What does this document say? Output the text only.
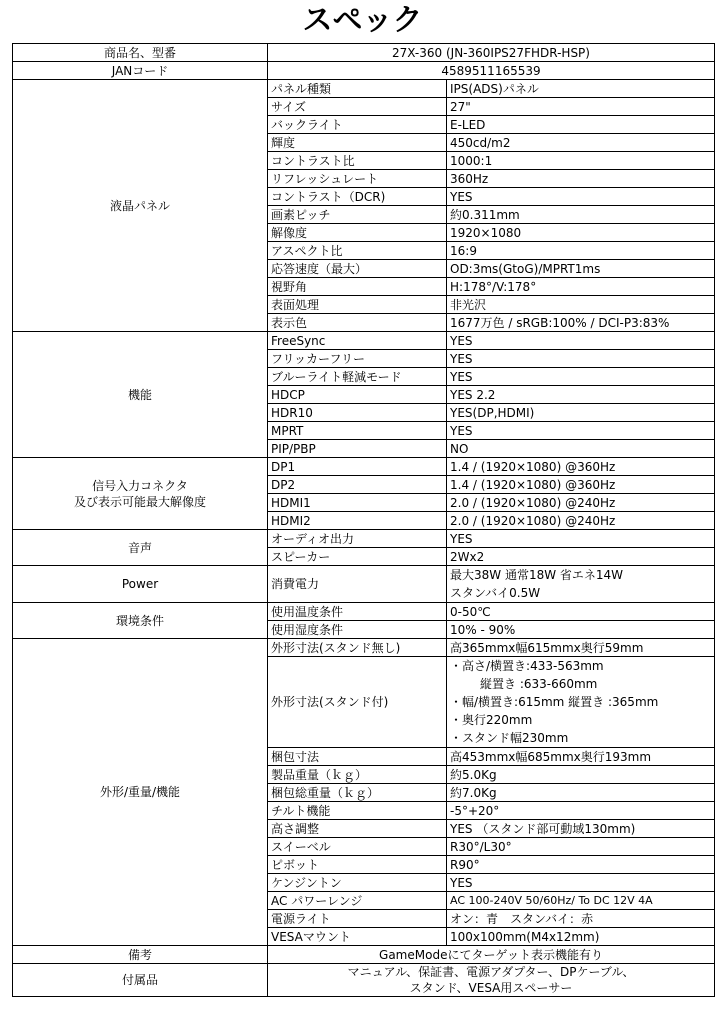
スペック
商品名、型番	27X-360 (JN-360IPS27FHDR-HSP)	
JANコード	4589511165539	

液晶パネル	パネル種類	IPS(ADS)パネル

	サイズ	27"

	バックライト	E-LED

	輝度	450cd/m2

	コントラスト比	1000:1

	リフレッシュレート	360Hz

	コントラスト（DCR)	YES

	画素ピッチ	約0.311mm

	解像度	1920×1080

	アスペクト比	16:9

	応答速度（最大）	OD:3ms(GtoG)/MPRT1ms

	視野角	H:178°/V:178°

	表面処理	非光沢

	表示色	1677万色 / sRGB:100% / DCI-P3:83%

機能	FreeSync	YES

	フリッカーフリー	YES

	ブルーライト軽減モード	YES

	HDCP	YES 2.2

	HDR10	YES(DP,HDMI)

	MPRT	YES

	PIP/PBP	NO

信号入力コネクタ
及び表示可能最大解像度	DP1	1.4 / (1920×1080) @360Hz

	DP2	1.4 / (1920×1080) @360Hz

	HDMI1	2.0 / (1920×1080) @240Hz

	HDMI2	2.0 / (1920×1080) @240Hz

音声	オーディオ出力	YES

	スピーカー	2Wx2

Power	消費電力	最大38W 通常18W 省エネ14W
スタンバイ0.5W

環境条件	使用温度条件	0-50℃

	使用湿度条件	10% - 90%

外形/重量/機能	外形寸法(スタンド無し)	高365mmx幅615mmx奥行59mm

	外形寸法(スタンド付)	・高さ/横置き:433-563mm
縦置き :633-660mm
・幅/横置き:615mm 縦置き :365mm
・奥行220mm
・スタンド幅230mm

	梱包寸法	高453mmx幅685mmx奥行193mm

	製品重量（ｋｇ）	約5.0Kg

	梱包総重量（ｋｇ）	約7.0Kg

	チルト機能	-5°+20°

	高さ調整	YES （スタンド部可動域130mm)

	スイーベル	R30°/L30°

	ピボット	R90°

	ケンジントン	YES

	AC パワーレンジ	AC 100-240V 50/60Hz/ To DC 12V 4A

	電源ライト	オン：青　スタンバイ：赤

	VESAマウント	100x100mm(M4x12mm)

備考	GameModeにてターゲット表示機能有り	

付属品	マニュアル、保証書、電源アダプター、DPケーブル、
スタンド、VESA用スペーサー	
